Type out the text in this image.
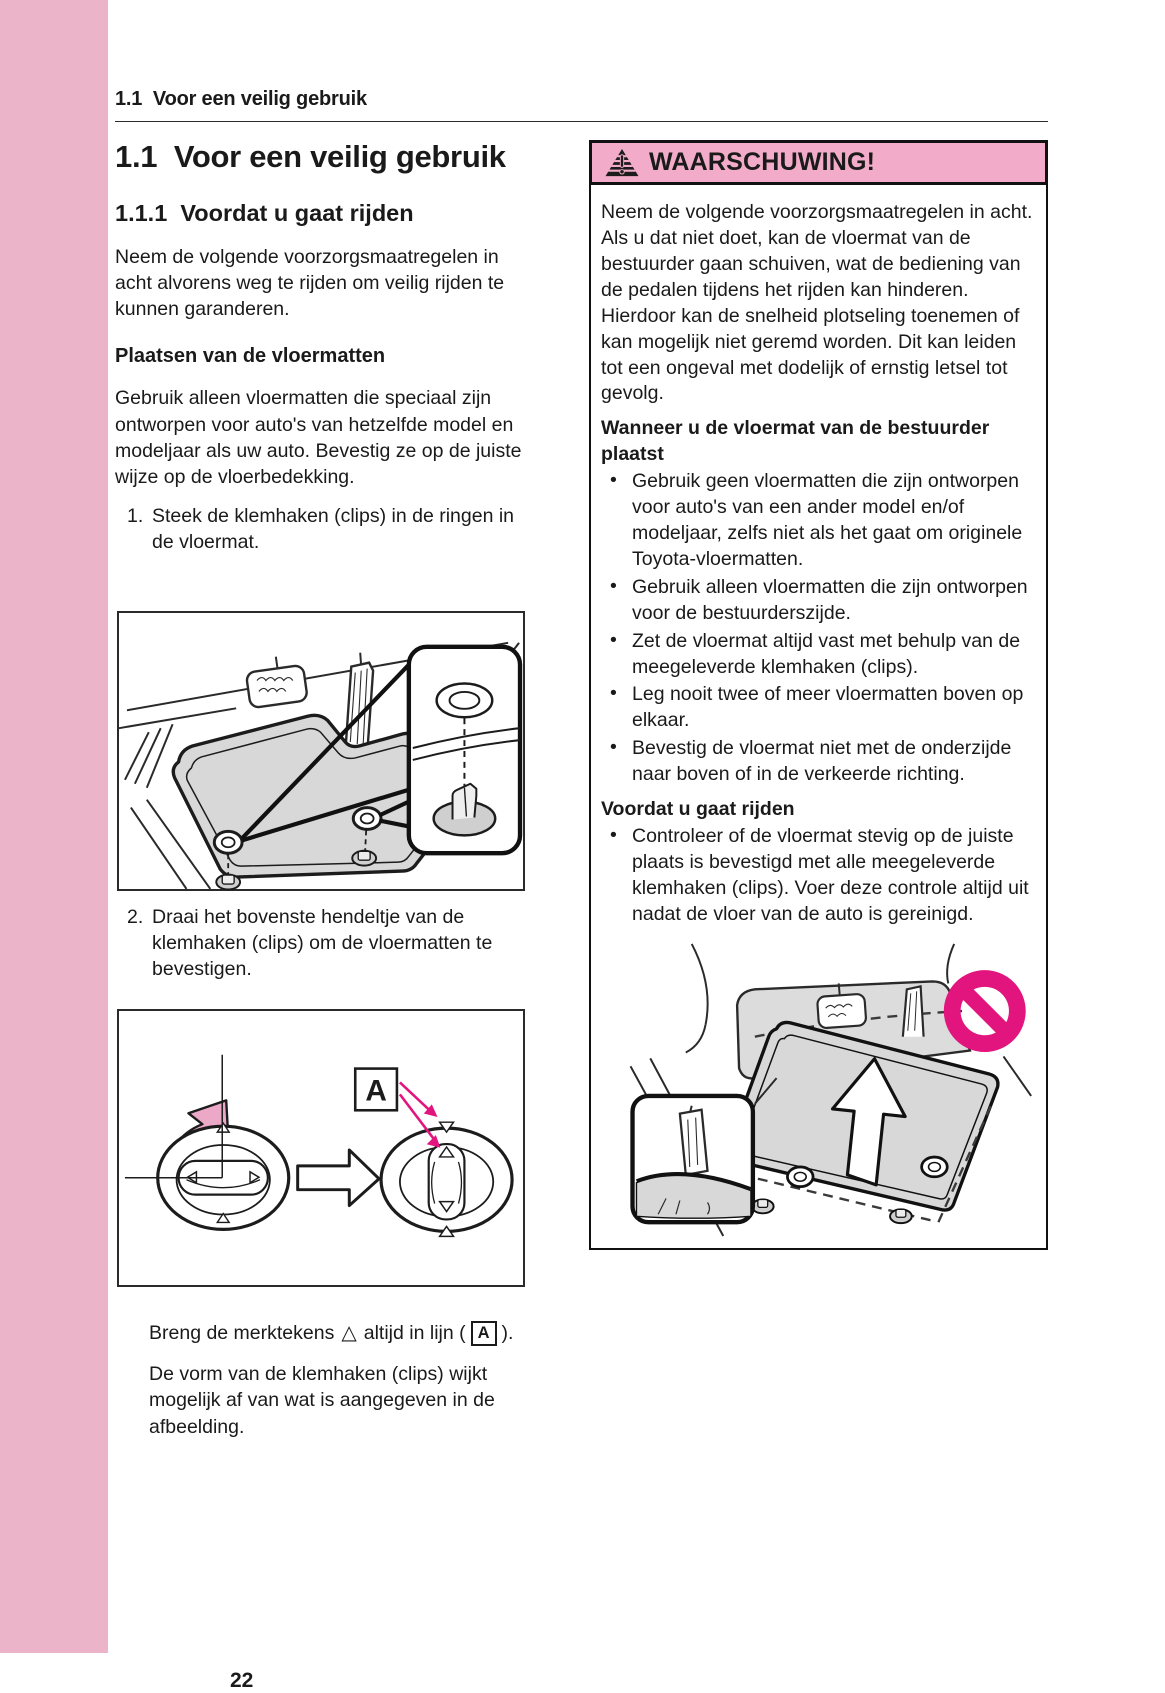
1.1  Voor een veilig gebruik
1.1  Voor een veilig gebruik
1.1.1  Voordat u gaat rijden

Neem de volgende voorzorgsmaatregelen in acht alvorens weg te rijden om veilig rijden te kunnen garanderen.

Plaatsen van de vloermatten

Gebruik alleen vloermatten die speciaal zijn ontworpen voor auto's van hetzelfde model en modeljaar als uw auto. Bevestig ze op de juiste wijze op de vloerbedekking.

1. Steek de klemhaken (clips) in de ringen in de vloermat.
2. Draai het bovenste hendeltje van de klemhaken (clips) om de vloermatten te bevestigen.
A

Breng de merktekens △ altijd in lijn ( A ).

De vorm van de klemhaken (clips) wijkt mogelijk af van wat is aangegeven in de afbeelding.

WAARSCHUWING!

Neem de volgende voorzorgsmaatregelen in acht. Als u dat niet doet, kan de vloermat van de bestuurder gaan schuiven, wat de bediening van de pedalen tijdens het rijden kan hinderen. Hierdoor kan de snelheid plotseling toenemen of kan mogelijk niet geremd worden. Dit kan leiden tot een ongeval met dodelijk of ernstig letsel tot gevolg.

Wanneer u de vloermat van de bestuurder plaatst
• Gebruik geen vloermatten die zijn ontworpen voor auto's van een ander model en/of modeljaar, zelfs niet als het gaat om originele Toyota-vloermatten.
• Gebruik alleen vloermatten die zijn ontworpen voor de bestuurderszijde.
• Zet de vloermat altijd vast met behulp van de meegeleverde klemhaken (clips).
• Leg nooit twee of meer vloermatten boven op elkaar.
• Bevestig de vloermat niet met de onderzijde naar boven of in de verkeerde richting.
Voordat u gaat rijden
• Controleer of de vloermat stevig op de juiste plaats is bevestigd met alle meegeleverde klemhaken (clips). Voer deze controle altijd uit nadat de vloer van de auto is gereinigd.
22
